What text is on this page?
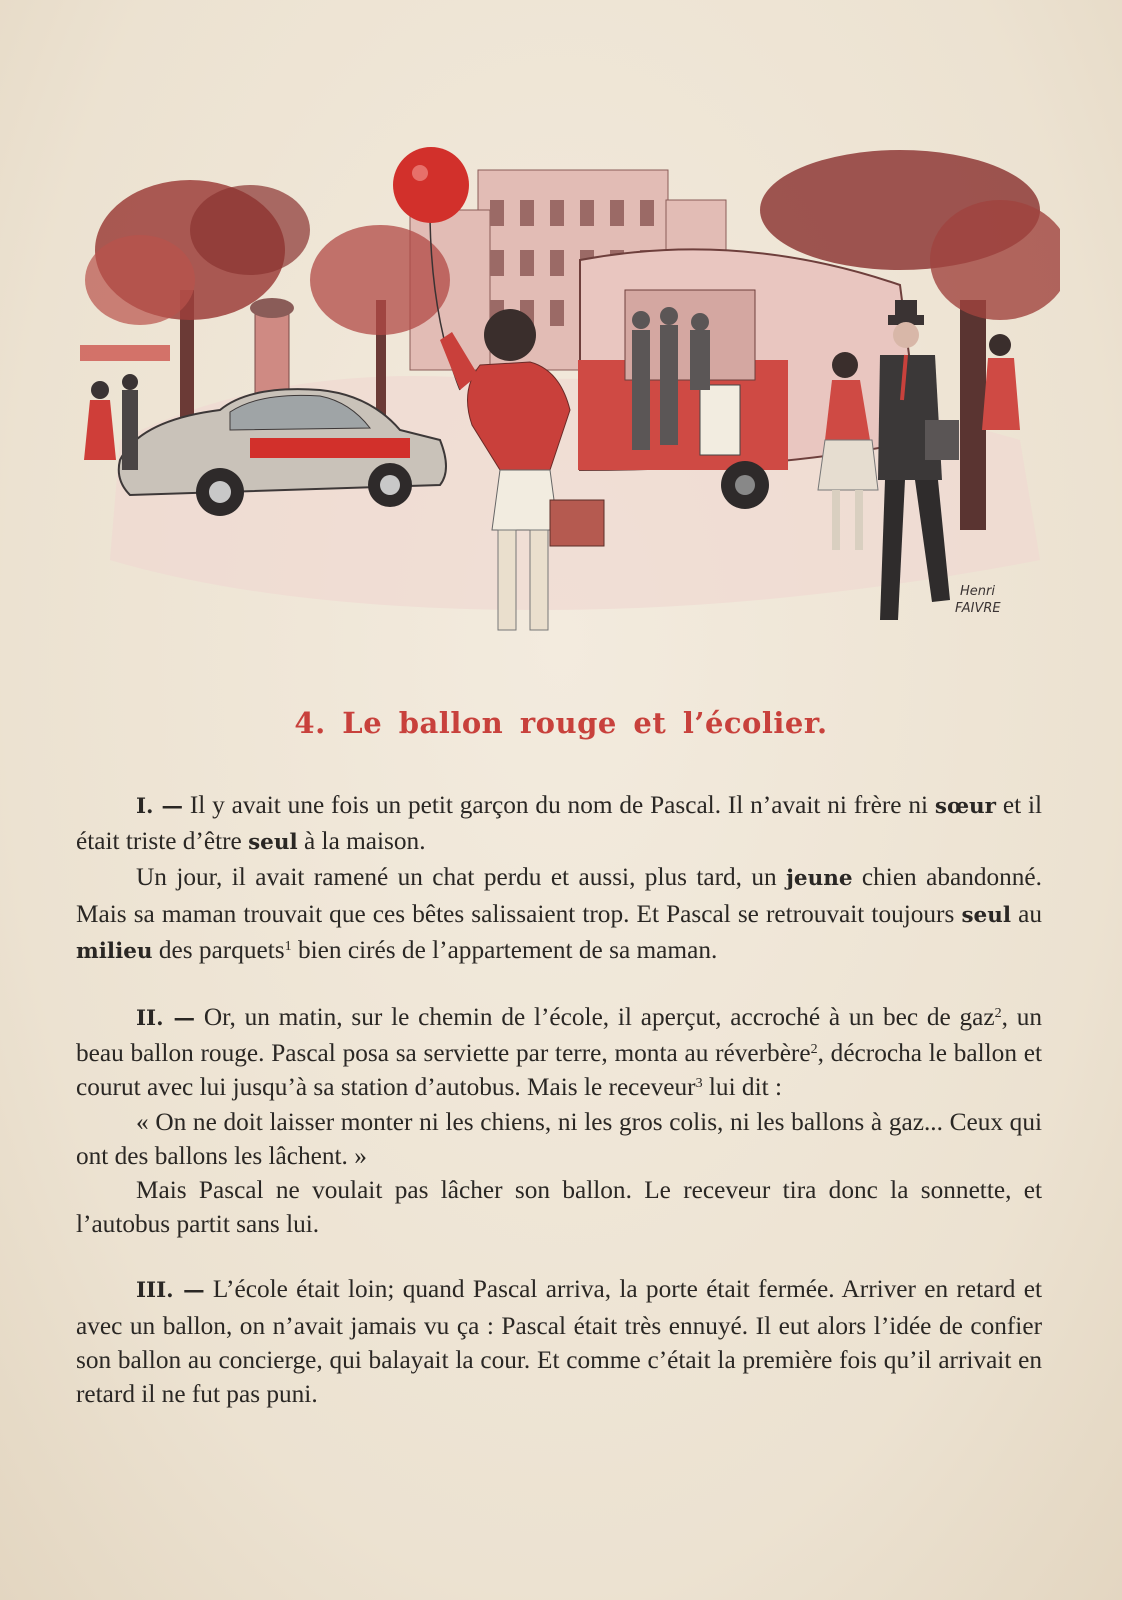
Henri
FAIVRE
4. Le ballon rouge et l’écolier.

I. — Il y avait une fois un petit garçon du nom de Pascal. Il n’avait ni frère ni sœur et il était triste d’être seul à la maison.

Un jour, il avait ramené un chat perdu et aussi, plus tard, un jeune chien abandonné. Mais sa maman trouvait que ces bêtes salissaient trop. Et Pascal se retrouvait toujours seul au milieu des parquets$^1$ bien cirés de l’appartement de sa maman.

II. — Or, un matin, sur le chemin de l’école, il aperçut, accroché à un bec de gaz$^2$, un beau ballon rouge. Pascal posa sa serviette par terre, monta au réverbère$^2$, décrocha le ballon et courut avec lui jusqu’à sa station d’autobus. Mais le receveur$^3$ lui dit :

« On ne doit laisser monter ni les chiens, ni les gros colis, ni les ballons à gaz... Ceux qui ont des ballons les lâchent. »

Mais Pascal ne voulait pas lâcher son ballon. Le receveur tira donc la sonnette, et l’autobus partit sans lui.

III. — L’école était loin; quand Pascal arriva, la porte était fermée. Arriver en retard et avec un ballon, on n’avait jamais vu ça : Pascal était très ennuyé. Il eut alors l’idée de confier son ballon au concierge, qui balayait la cour. Et comme c’était la première fois qu’il arrivait en retard il ne fut pas puni.
